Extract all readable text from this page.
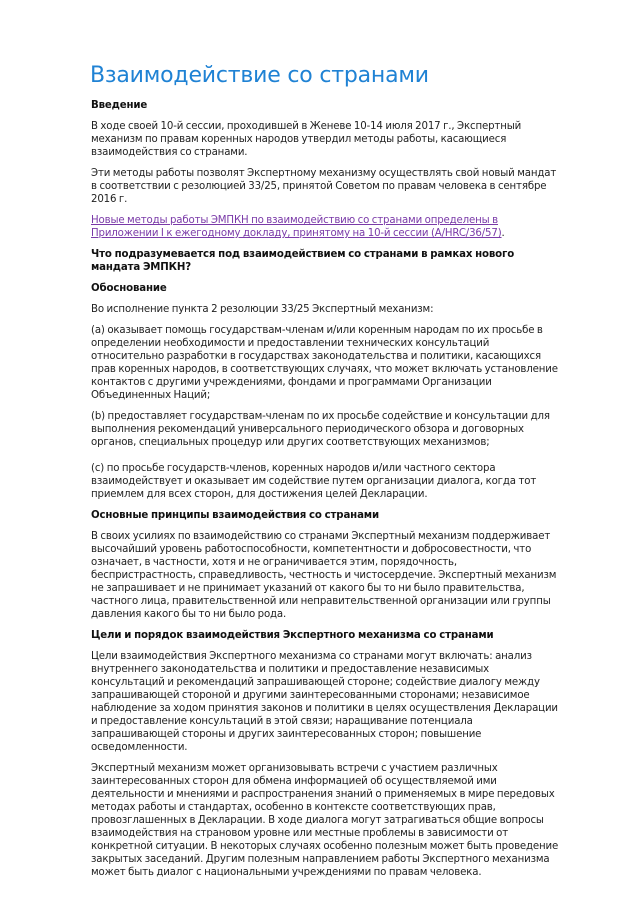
Взаимодействие со странами

Введение

В ходе своей 10-й сессии, проходившей в Женеве 10-14 июля 2017 г., Экспертный механизм по правам коренных народов утвердил методы работы, касающиеся взаимодействия со странами.

Эти методы работы позволят Экспертному механизму осуществлять свой новый мандат в соответствии с резолюцией 33/25, принятой Советом по правам человека в сентябре 2016 г.

Новые методы работы ЭМПКН по взаимодействию со странами определены в Приложении I к ежегодному докладу, принятому на 10-й сессии (A/HRC/36/57).

Что подразумевается под взаимодействием со странами в рамках нового мандата ЭМПКН?

Обоснование

Во исполнение пункта 2 резолюции 33/25 Экспертный механизм:

(a) оказывает помощь государствам-членам и/или коренным народам по их просьбе в определении необходимости и предоставлении технических консультаций относительно разработки в государствах законодательства и политики, касающихся прав коренных народов, в соответствующих случаях, что может включать установление контактов с другими учреждениями, фондами и программами Организации Объединенных Наций;

(b) предоставляет государствам-членам по их просьбе содействие и консультации для выполнения рекомендаций универсального периодического обзора и договорных органов, специальных процедур или других соответствующих механизмов;

(c) по просьбе государств-членов, коренных народов и/или частного сектора взаимодействует и оказывает им содействие путем организации диалога, когда тот приемлем для всех сторон, для достижения целей Декларации.

Основные принципы взаимодействия со странами

В своих усилиях по взаимодействию со странами Экспертный механизм поддерживает высочайший уровень работоспособности, компетентности и добросовестности, что означает, в частности, хотя и не ограничивается этим, порядочность, беспристрастность, справедливость, честность и чистосердечие. Экспертный механизм не запрашивает и не принимает указаний от какого бы то ни было правительства, частного лица, правительственной или неправительственной организации или группы давления какого бы то ни было рода.

Цели и порядок взаимодействия Экспертного механизма со странами

Цели взаимодействия Экспертного механизма со странами могут включать: анализ внутреннего законодательства и политики и предоставление независимых консультаций и рекомендаций запрашивающей стороне; содействие диалогу между запрашивающей стороной и другими заинтересованными сторонами; независимое наблюдение за ходом принятия законов и политики в целях осуществления Декларации и предоставление консультаций в этой связи; наращивание потенциала запрашивающей стороны и других заинтересованных сторон; повышение осведомленности.

Экспертный механизм может организовывать встречи с участием различных заинтересованных сторон для обмена информацией об осуществляемой ими деятельности и мнениями и распространения знаний о применяемых в мире передовых методах работы и стандартах, особенно в контексте соответствующих прав, провозглашенных в Декларации. В ходе диалога могут затрагиваться общие вопросы взаимодействия на страновом уровне или местные проблемы в зависимости от конкретной ситуации. В некоторых случаях особенно полезным может быть проведение закрытых заседаний. Другим полезным направлением работы Экспертного механизма может быть диалог с национальными учреждениями по правам человека.
